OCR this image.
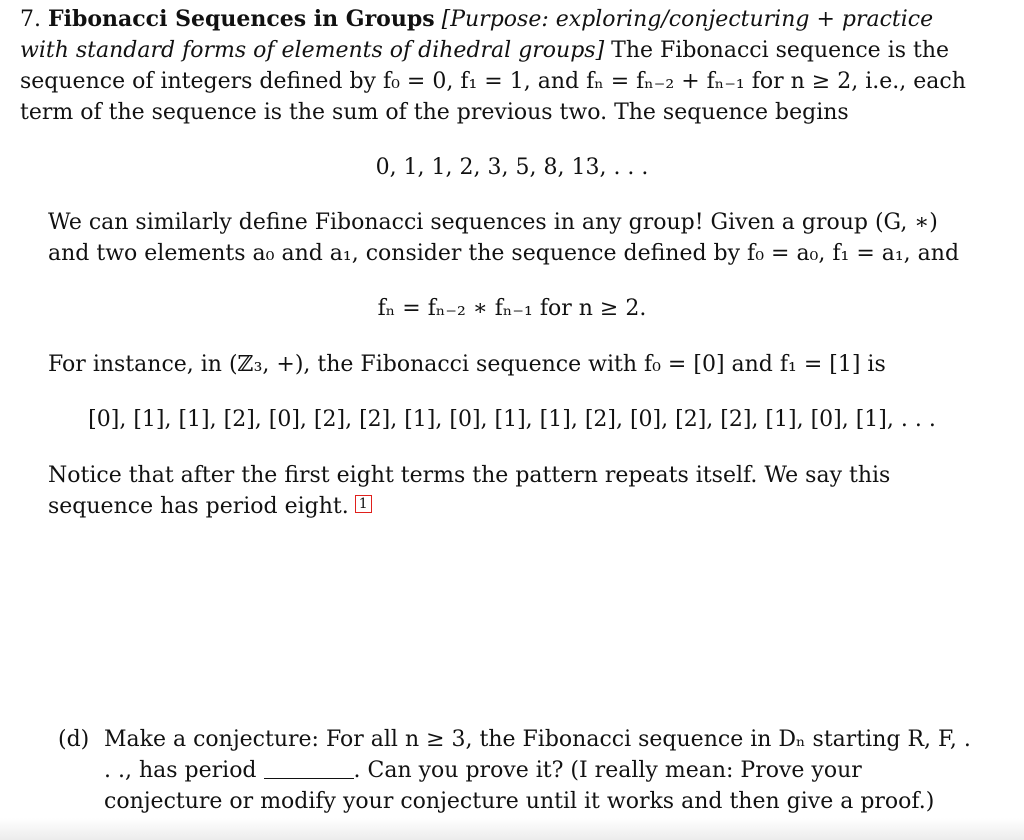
7. Fibonacci Sequences in Groups [Purpose: exploring/conjecturing + practice with standard forms of elements of dihedral groups] The Fibonacci sequence is the sequence of integers defined by f₀ = 0, f₁ = 1, and fₙ = fₙ₋₂ + fₙ₋₁ for n ≥ 2, i.e., each term of the sequence is the sum of the previous two. The sequence begins

0, 1, 1, 2, 3, 5, 8, 13, . . .

We can similarly define Fibonacci sequences in any group! Given a group (G, ∗) and two elements a₀ and a₁, consider the sequence defined by f₀ = a₀, f₁ = a₁, and

fₙ = fₙ₋₂ ∗ fₙ₋₁ for n ≥ 2.

For instance, in (ℤ₃, +), the Fibonacci sequence with f₀ = [0] and f₁ = [1] is

[0], [1], [1], [2], [0], [2], [2], [1], [0], [1], [1], [2], [0], [2], [2], [1], [0], [1], . . .

Notice that after the first eight terms the pattern repeats itself. We say this sequence has period eight. 1

(d) Make a conjecture: For all n ≥ 3, the Fibonacci sequence in Dₙ starting R, F, . . ., has period	. Can you prove it? (I really mean: Prove your conjecture or modify your conjecture until it works and then give a proof.)
